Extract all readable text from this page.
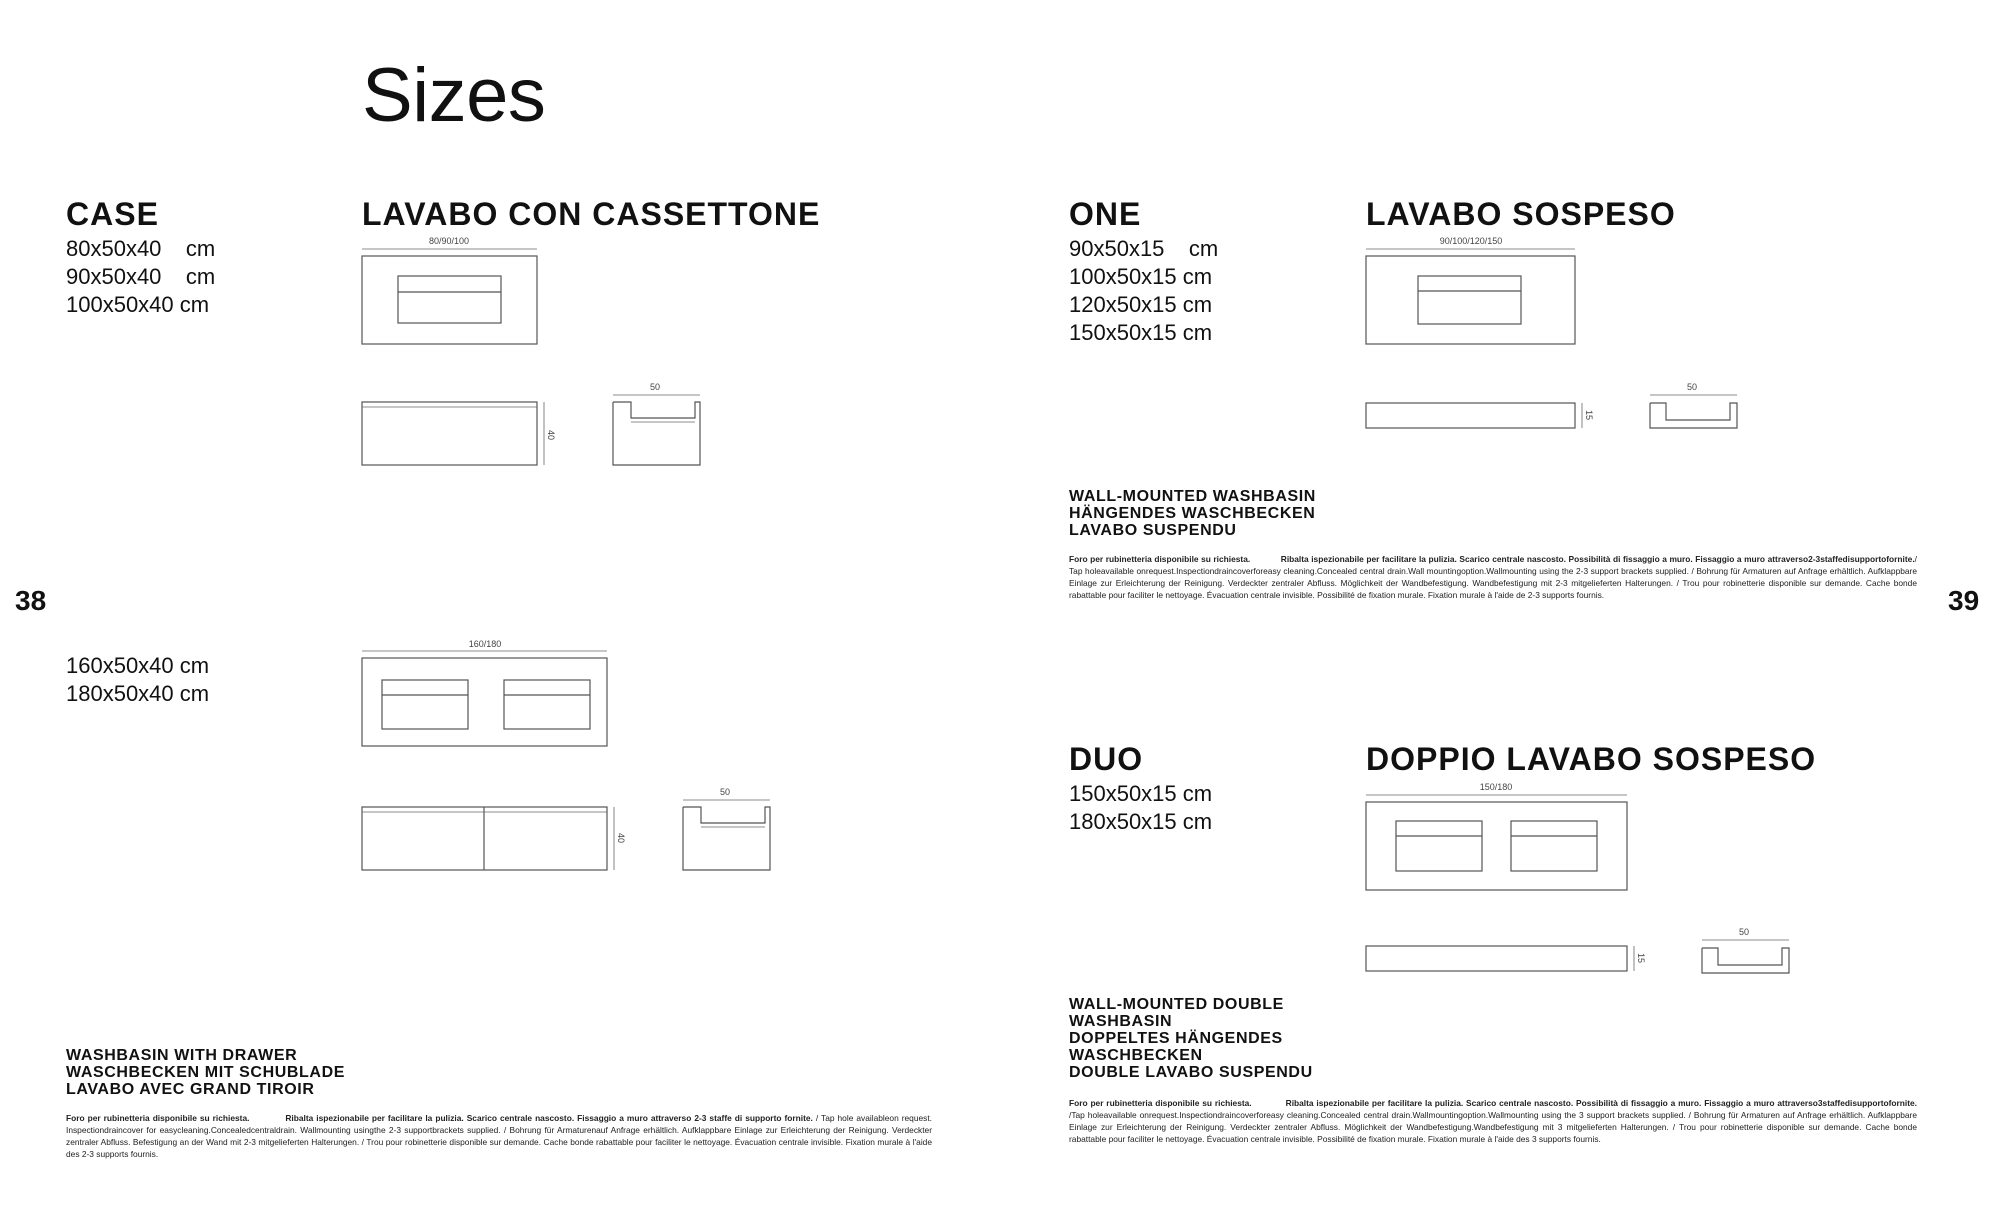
Sizes
38	39
CASE	LAVABO CON CASSETTONE
80x50x40 cm
90x50x40 cm
100x50x40 cm
160x50x40 cm
180x50x40 cm
80/90/100
40
50
160/180
40
50
WASHBASIN WITH DRAWER
WASCHBECKEN MIT SCHUBLADE
LAVABO AVEC GRAND TIROIR
Foro per rubinetteria disponibile su richiesta.	Ribalta ispezionabile per facilitare la pulizia. Scarico centrale nascosto. Fissaggio a muro attraverso 2-3 staffe di supporto fornite. / Tap hole availableon request. Inspectiondraincover for easycleaning.Concealedcentraldrain. Wallmounting usingthe 2-3 supportbrackets supplied. / Bohrung für Armaturenauf Anfrage erhältlich. Aufklappbare Einlage zur Erleichterung der Reinigung. Verdeckter zentraler Abfluss. Befestigung an der Wand mit 2-3 mitgelieferten Halterungen. / Trou pour robinetterie disponible sur demande. Cache bonde rabattable pour faciliter le nettoyage. Évacuation centrale invisible. Fixation murale à l'aide des 2-3 supports fournis.
ONE	LAVABO SOSPESO
90x50x15 cm
100x50x15 cm
120x50x15 cm
150x50x15 cm
90/100/120/150
15
50
WALL-MOUNTED WASHBASIN
HÄNGENDES WASCHBECKEN
LAVABO SUSPENDU
Foro per rubinetteria disponibile su richiesta.	Ribalta ispezionabile per facilitare la pulizia. Scarico centrale nascosto. Possibilità di fissaggio a muro. Fissaggio a muro attraverso2-3staffedisupportofornite./ Tap holeavailable onrequest.Inspectiondraincoverforeasy cleaning.Concealed central drain.Wall mountingoption.Wallmounting using the 2-3 support brackets supplied. / Bohrung für Armaturen auf Anfrage erhältlich. Aufklappbare Einlage zur Erleichterung der Reinigung. Verdeckter zentraler Abfluss. Möglichkeit der Wandbefestigung. Wandbefestigung mit 2-3 mitgelieferten Halterungen. / Trou pour robinetterie disponible sur demande. Cache bonde rabattable pour faciliter le nettoyage. Évacuation centrale invisible. Possibilité de fixation murale. Fixation murale à l'aide de 2-3 supports fournis.
DUO	DOPPIO LAVABO SOSPESO
150x50x15 cm
180x50x15 cm
150/180
15
50
WALL-MOUNTED DOUBLE
WASHBASIN
DOPPELTES HÄNGENDES
WASCHBECKEN
DOUBLE LAVABO SUSPENDU
Foro per rubinetteria disponibile su richiesta.	Ribalta ispezionabile per facilitare la pulizia. Scarico centrale nascosto. Possibilità di fissaggio a muro. Fissaggio a muro attraverso3staffedisupportofornite. /Tap holeavailable onrequest.Inspectiondraincoverforeasy cleaning.Concealed central drain.Wallmountingoption.Wallmounting using the 3 support brackets supplied. / Bohrung für Armaturen auf Anfrage erhältlich. Aufklappbare Einlage zur Erleichterung der Reinigung. Verdeckter zentraler Abfluss. Möglichkeit der Wandbefestigung.Wandbefestigung mit 3 mitgelieferten Halterungen. / Trou pour robinetterie disponible sur demande. Cache bonde rabattable pour faciliter le nettoyage. Évacuation centrale invisible. Possibilité de fixation murale. Fixation murale à l'aide des 3 supports fournis.
